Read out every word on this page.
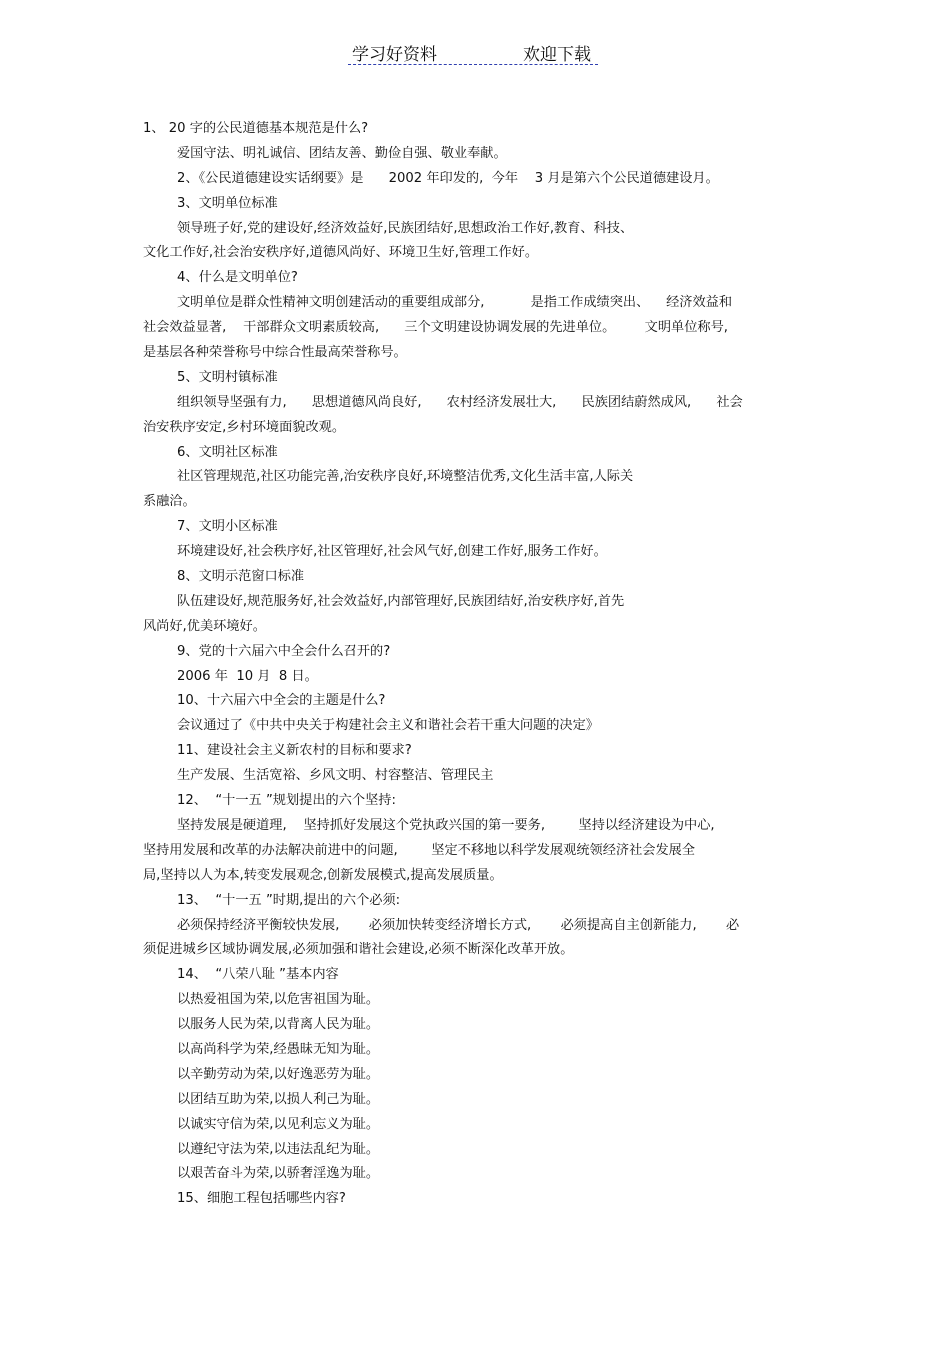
学习好资料	欢迎下载
1、 20 字的公民道德基本规范是什么?
爱国守法、明礼诚信、团结友善、勤俭自强、敬业奉献。
2、《公民道德建设实话纲要》是      2002 年印发的,  今年    3 月是第六个公民道德建设月。
3、文明单位标准
领导班子好,党的建设好,经济效益好,民族团结好,思想政治工作好,教育、科技、
文化工作好,社会治安秩序好,道德风尚好、环境卫生好,管理工作好。
4、什么是文明单位?
文明单位是群众性精神文明创建活动的重要组成部分,           是指工作成绩突出、    经济效益和
社会效益显著,    干部群众文明素质较高,      三个文明建设协调发展的先进单位。       文明单位称号,
是基层各种荣誉称号中综合性最高荣誉称号。
5、文明村镇标准
组织领导坚强有力,      思想道德风尚良好,      农村经济发展壮大,      民族团结蔚然成风,      社会
治安秩序安定,乡村环境面貌改观。
6、文明社区标准
社区管理规范,社区功能完善,治安秩序良好,环境整洁优秀,文化生活丰富,人际关
系融洽。
7、文明小区标准
环境建设好,社会秩序好,社区管理好,社会风气好,创建工作好,服务工作好。
8、文明示范窗口标准
队伍建设好,规范服务好,社会效益好,内部管理好,民族团结好,治安秩序好,首先
风尚好,优美环境好。
9、党的十六届六中全会什么召开的?
2006 年  10 月  8 日。
10、十六届六中全会的主题是什么?
会议通过了《中共中央关于构建社会主义和谐社会若干重大问题的决定》
11、建设社会主义新农村的目标和要求?
生产发展、生活宽裕、乡风文明、村容整洁、管理民主
12、  “十一五 ”规划提出的六个坚持:
坚持发展是硬道理,    坚持抓好发展这个党执政兴国的第一要务,        坚持以经济建设为中心,
坚持用发展和改革的办法解决前进中的问题,        坚定不移地以科学发展观统领经济社会发展全
局,坚持以人为本,转变发展观念,创新发展模式,提高发展质量。
13、  “十一五 ”时期,提出的六个必须:
必须保持经济平衡较快发展,       必须加快转变经济增长方式,       必须提高自主创新能力,       必
须促进城乡区域协调发展,必须加强和谐社会建设,必须不断深化改革开放。
14、  “八荣八耻 ”基本内容
以热爱祖国为荣,以危害祖国为耻。
以服务人民为荣,以背离人民为耻。
以高尚科学为荣,经愚昧无知为耻。
以辛勤劳动为荣,以好逸恶劳为耻。
以团结互助为荣,以损人利己为耻。
以诚实守信为荣,以见利忘义为耻。
以遵纪守法为荣,以违法乱纪为耻。
以艰苦奋斗为荣,以骄奢淫逸为耻。
15、细胞工程包括哪些内容?
